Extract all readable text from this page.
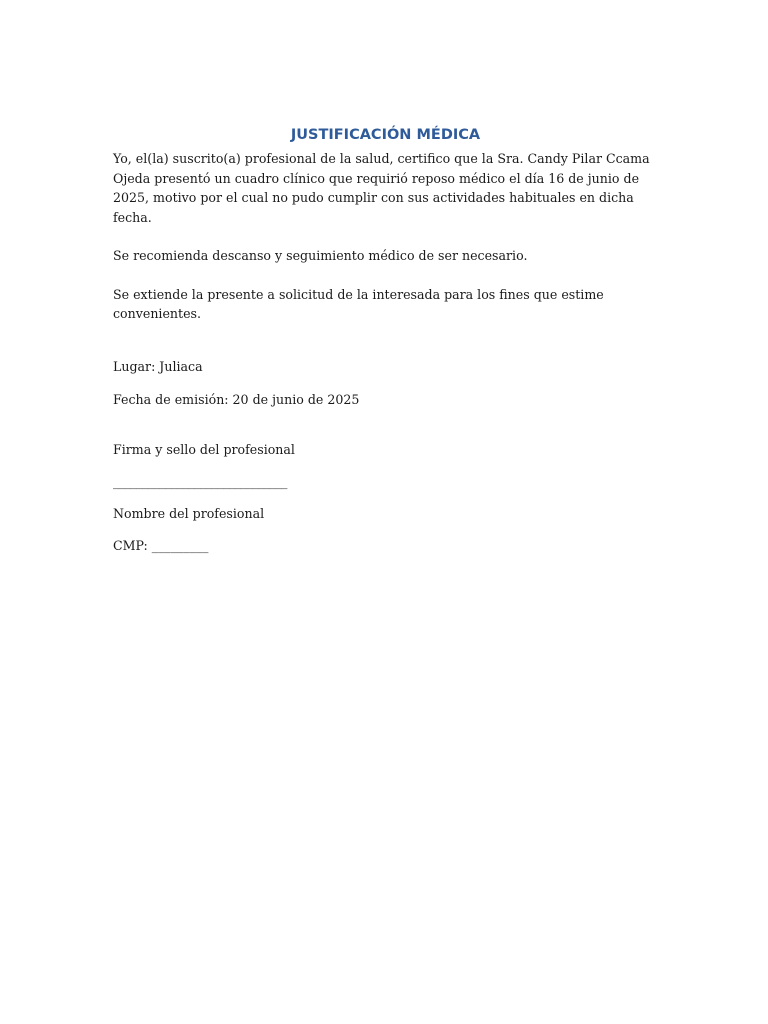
JUSTIFICACIÓN MÉDICA

Yo, el(la) suscrito(a) profesional de la salud, certifico que la Sra. Candy Pilar Ccama Ojeda presentó un cuadro clínico que requirió reposo médico el día 16 de junio de 2025, motivo por el cual no pudo cumplir con sus actividades habituales en dicha fecha.

Se recomienda descanso y seguimiento médico de ser necesario.

Se extiende la presente a solicitud de la interesada para los fines que estime convenientes.

Lugar: Juliaca

Fecha de emisión: 20 de junio de 2025

Firma y sello del profesional

______________________________

Nombre del profesional

CMP: _________
